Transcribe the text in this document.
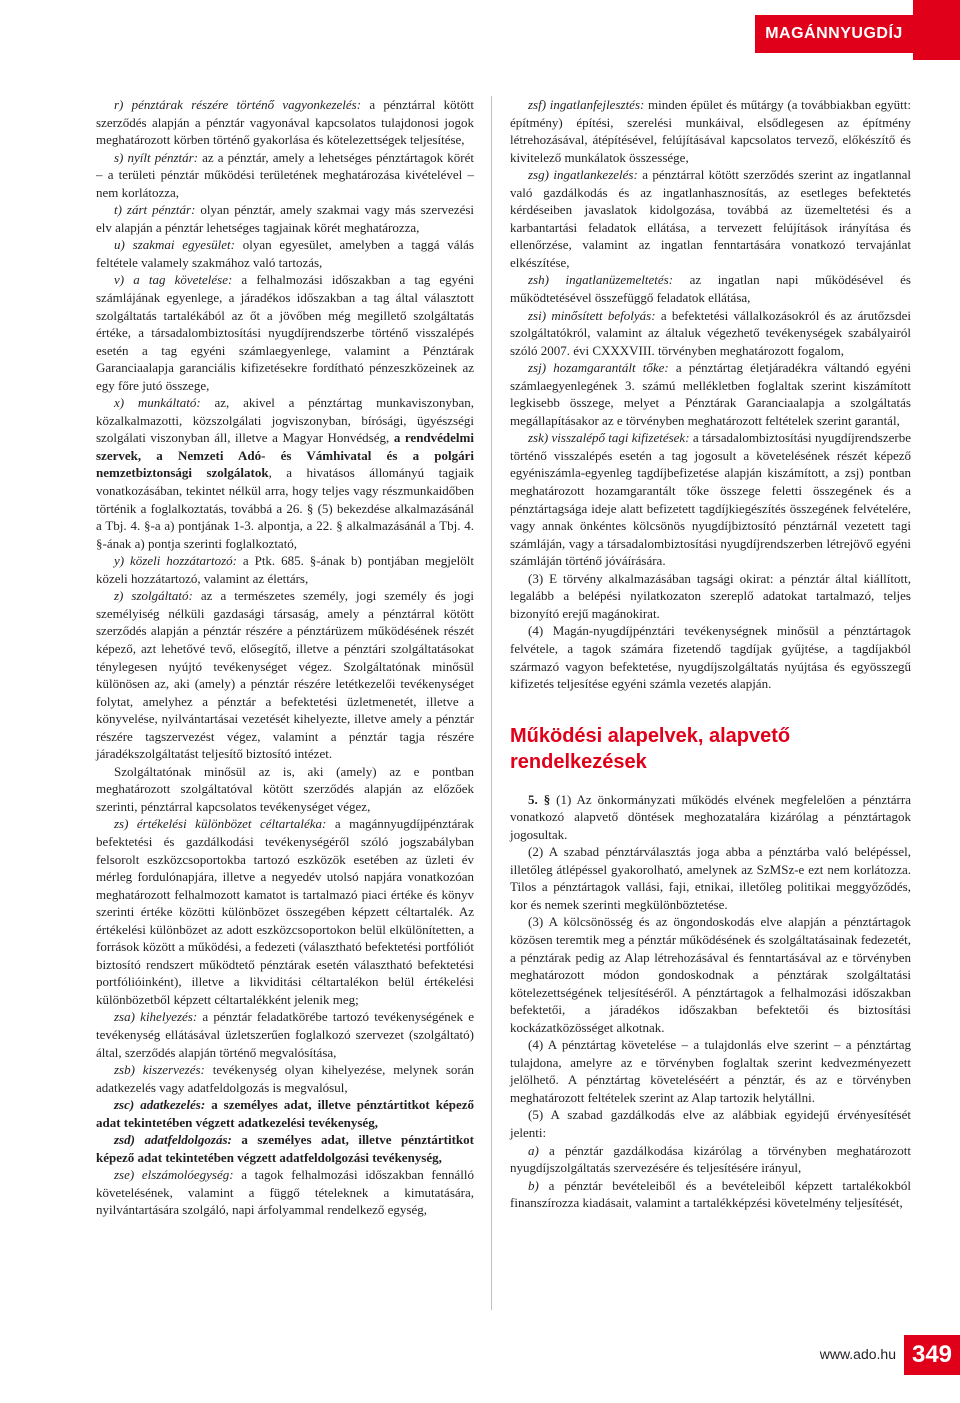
MAGÁNNYUGDÍJ

r) pénztárak részére történő vagyonkezelés: a pénztárral kötött szerződés alapján a pénztár vagyonával kapcsolatos tulajdonosi jogok meghatározott körben történő gyakorlása és kötelezettségek teljesítése,

s) nyílt pénztár: az a pénztár, amely a lehetséges pénztártagok körét – a területi pénztár működési területének meghatározása kivételével – nem korlátozza,

t) zárt pénztár: olyan pénztár, amely szakmai vagy más szervezési elv alapján a pénztár lehetséges tagjainak körét meghatározza,

u) szakmai egyesület: olyan egyesület, amelyben a taggá válás feltétele valamely szakmához való tartozás,

v) a tag követelése: a felhalmozási időszakban a tag egyéni számlájának egyenlege, a járadékos időszakban a tag által választott szolgáltatás tartalékából az őt a jövőben még megillető szolgáltatás értéke, a társadalombiztosítási nyugdíjrendszerbe történő visszalépés esetén a tag egyéni számlaegyenlege, valamint a Pénztárak Garanciaalapja garanciális kifizetésekre fordítható pénzeszközeinek az egy főre jutó összege,

x) munkáltató: az, akivel a pénztártag munkaviszonyban, közalkalmazotti, közszolgálati jogviszonyban, bírósági, ügyészségi szolgálati viszonyban áll, illetve a Magyar Honvédség, a rendvédelmi szervek, a Nemzeti Adó- és Vámhivatal és a polgári nemzetbiztonsági szolgálatok, a hivatásos állományú tagjaik vonatkozásában, tekintet nélkül arra, hogy teljes vagy részmunkaidőben történik a foglalkoztatás, továbbá a 26. § (5) bekezdése alkalmazásánál a Tbj. 4. §-a a) pontjának 1-3. alpontja, a 22. § alkalmazásánál a Tbj. 4. §-ának a) pontja szerinti foglalkoztató,

y) közeli hozzátartozó: a Ptk. 685. §-ának b) pontjában megjelölt közeli hozzátartozó, valamint az élettárs,

z) szolgáltató: az a természetes személy, jogi személy és jogi személyiség nélküli gazdasági társaság, amely a pénztárral kötött szerződés alapján a pénztár részére a pénztárüzem működésének részét képező, azt lehetővé tevő, elősegítő, illetve a pénztári szolgáltatásokat ténylegesen nyújtó tevékenységet végez. Szolgáltatónak minősül különösen az, aki (amely) a pénztár részére letétkezelői tevékenységet folytat, amelyhez a pénztár a befektetési üzletmenetét, illetve a könyvelése, nyilvántartásai vezetését kihelyezte, illetve amely a pénztár részére tagszervezést végez, valamint a pénztár tagja részére járadékszolgáltatást teljesítő biztosító intézet.

Szolgáltatónak minősül az is, aki (amely) az e pontban meghatározott szolgáltatóval kötött szerződés alapján az előzőek szerinti, pénztárral kapcsolatos tevékenységet végez,

zs) értékelési különbözet céltartaléka: a magánnyugdíjpénztárak befektetési és gazdálkodási tevékenységéről szóló jogszabályban felsorolt eszközcsoportokba tartozó eszközök esetében az üzleti év mérleg fordulónapjára, illetve a negyedév utolsó napjára vonatkozóan meghatározott felhalmozott kamatot is tartalmazó piaci értéke és könyv szerinti értéke közötti különbözet összegében képzett céltartalék. Az értékelési különbözet az adott eszközcsoportokon belül elkülönítetten, a források között a működési, a fedezeti (választható befektetési portfóliót biztosító rendszert működtető pénztárak esetén választható befektetési portfólióinként), illetve a likviditási céltartalékon belül értékelési különbözetből képzett céltartalékként jelenik meg;

zsa) kihelyezés: a pénztár feladatkörébe tartozó tevékenységének e tevékenység ellátásával üzletszerűen foglalkozó szervezet (szolgáltató) által, szerződés alapján történő megvalósítása,

zsb) kiszervezés: tevékenység olyan kihelyezése, melynek során adatkezelés vagy adatfeldolgozás is megvalósul,

zsc) adatkezelés: a személyes adat, illetve pénztártitkot képező adat tekintetében végzett adatkezelési tevékenység,

zsd) adatfeldolgozás: a személyes adat, illetve pénztártitkot képező adat tekintetében végzett adatfeldolgozási tevékenység,

zse) elszámolóegység: a tagok felhalmozási időszakban fennálló követelésének, valamint a függő tételeknek a kimutatására, nyilvántartására szolgáló, napi árfolyammal rendelkező egység,

zsf) ingatlanfejlesztés: minden épület és műtárgy (a továbbiakban együtt: építmény) építési, szerelési munkáival, elsődlegesen az építmény létrehozásával, átépítésével, felújításával kapcsolatos tervező, előkészítő és kivitelező munkálatok összessége,

zsg) ingatlankezelés: a pénztárral kötött szerződés szerint az ingatlannal való gazdálkodás és az ingatlanhasznosítás, az esetleges befektetés kérdéseiben javaslatok kidolgozása, továbbá az üzemeltetési és a karbantartási feladatok ellátása, a tervezett felújítások irányítása és ellenőrzése, valamint az ingatlan fenntartására vonatkozó tervajánlat elkészítése,

zsh) ingatlanüzemeltetés: az ingatlan napi működésével és működtetésével összefüggő feladatok ellátása,

zsi) minősített befolyás: a befektetési vállalkozásokról és az árutőzsdei szolgáltatókról, valamint az általuk végezhető tevékenységek szabályairól szóló 2007. évi CXXXVIII. törvényben meghatározott fogalom,

zsj) hozamgarantált tőke: a pénztártag életjáradékra váltandó egyéni számlaegyenlegének 3. számú mellékletben foglaltak szerint kiszámított legkisebb összege, melyet a Pénztárak Garanciaalapja a szolgáltatás megállapításakor az e törvényben meghatározott feltételek szerint garantál,

zsk) visszalépő tagi kifizetések: a társadalombiztosítási nyugdíjrendszerbe történő visszalépés esetén a tag jogosult a követelésének részét képező egyéniszámla-egyenleg tagdíjbefizetése alapján kiszámított, a zsj) pontban meghatározott hozamgarantált tőke összege feletti összegének és a pénztártagsága ideje alatt befizetett tagdíjkiegészítés összegének felvételére, vagy annak önkéntes kölcsönös nyugdíjbiztosító pénztárnál vezetett tagi számláján, vagy a társadalombiztosítási nyugdíjrendszerben létrejövő egyéni számláján történő jóváírására.

(3) E törvény alkalmazásában tagsági okirat: a pénztár által kiállított, legalább a belépési nyilatkozaton szereplő adatokat tartalmazó, teljes bizonyító erejű magánokirat.

(4) Magán-nyugdíjpénztári tevékenységnek minősül a pénztártagok felvétele, a tagok számára fizetendő tagdíjak gyűjtése, a tagdíjakból származó vagyon befektetése, nyugdíjszolgáltatás nyújtása és egyösszegű kifizetés teljesítése egyéni számla vezetés alapján.

Működési alapelvek, alapvető rendelkezések

5. § (1) Az önkormányzati működés elvének megfelelően a pénztárra vonatkozó alapvető döntések meghozatalára kizárólag a pénztártagok jogosultak.

(2) A szabad pénztárválasztás joga abba a pénztárba való belépéssel, illetőleg átlépéssel gyakorolható, amelynek az SzMSz-e ezt nem korlátozza. Tilos a pénztártagok vallási, faji, etnikai, illetőleg politikai meggyőződés, kor és nemek szerinti megkülönböztetése.

(3) A kölcsönösség és az öngondoskodás elve alapján a pénztártagok közösen teremtik meg a pénztár működésének és szolgáltatásainak fedezetét, a pénztárak pedig az Alap létrehozásával és fenntartásával az e törvényben meghatározott módon gondoskodnak a pénztárak szolgáltatási kötelezettségének teljesítéséről. A pénztártagok a felhalmozási időszakban befektetői, a járadékos időszakban befektetői és biztosítási kockázatközösséget alkotnak.

(4) A pénztártag követelése – a tulajdonlás elve szerint – a pénztártag tulajdona, amelyre az e törvényben foglaltak szerint kedvezményezett jelölhető. A pénztártag követeléséért a pénztár, és az e törvényben meghatározott feltételek szerint az Alap tartozik helytállni.

(5) A szabad gazdálkodás elve az alábbiak egyidejű érvényesítését jelenti:

a) a pénztár gazdálkodása kizárólag a törvényben meghatározott nyugdíjszolgáltatás szervezésére és teljesítésére irányul,

b) a pénztár bevételeiből és a bevételeiből képzett tartalékokból finanszírozza kiadásait, valamint a tartalékképzési követelmény teljesítését,

www.ado.hu 349
